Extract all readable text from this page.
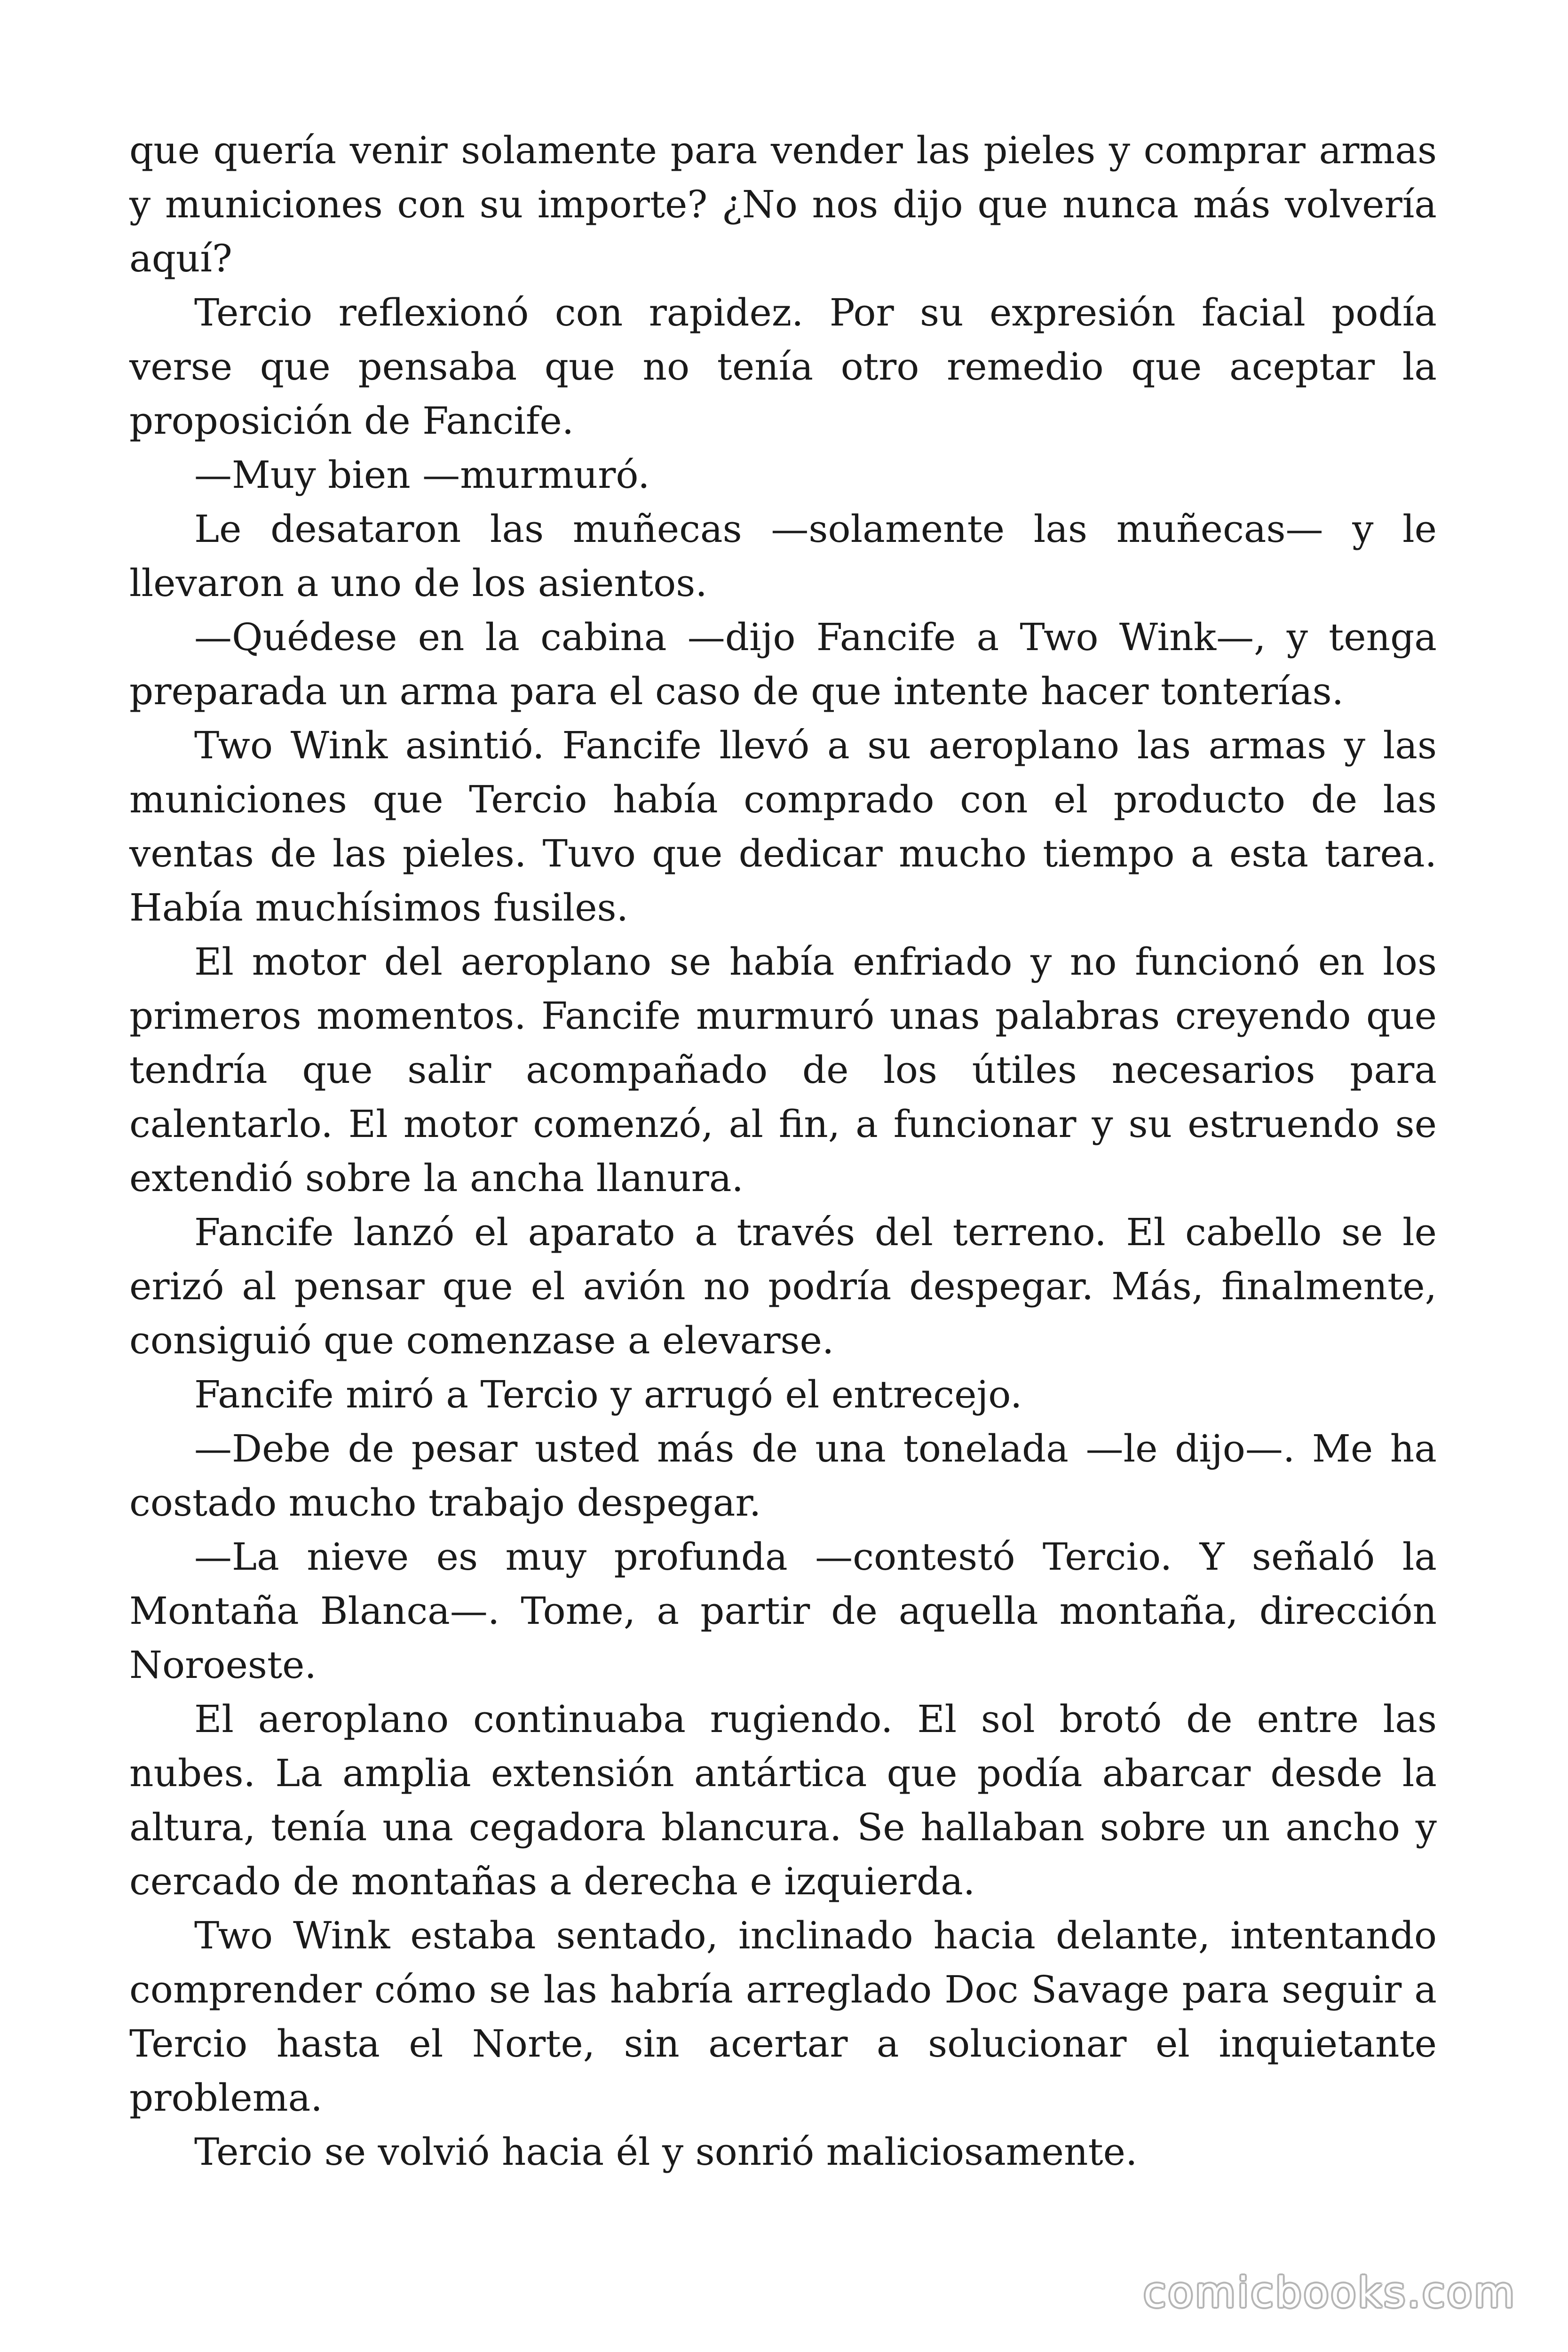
que quería venir solamente para vender las pieles y comprar armas y municiones con su importe? ¿No nos dijo que nunca más volvería aquí?

Tercio reflexionó con rapidez. Por su expresión facial podía verse que pensaba que no tenía otro remedio que aceptar la proposición de Fancife.

—Muy bien —murmuró.

Le desataron las muñecas —solamente las muñecas— y le llevaron a uno de los asientos.

—Quédese en la cabina —dijo Fancife a Two Wink—, y tenga preparada un arma para el caso de que intente hacer tonterías.

Two Wink asintió. Fancife llevó a su aeroplano las armas y las municiones que Tercio había comprado con el producto de las ventas de las pieles. Tuvo que dedicar mucho tiempo a esta tarea. Había muchísimos fusiles.

El motor del aeroplano se había enfriado y no funcionó en los primeros momentos. Fancife murmuró unas palabras creyendo que tendría que salir acompañado de los útiles necesarios para calentarlo. El motor comenzó, al fin, a funcionar y su estruendo se extendió sobre la ancha llanura.

Fancife lanzó el aparato a través del terreno. El cabello se le erizó al pensar que el avión no podría despegar. Más, finalmente, consiguió que comenzase a elevarse.

Fancife miró a Tercio y arrugó el entrecejo.

—Debe de pesar usted más de una tonelada —le dijo—. Me ha costado mucho trabajo despegar.

—La nieve es muy profunda —contestó Tercio. Y señaló la Montaña Blanca—. Tome, a partir de aquella montaña, dirección Noroeste.

El aeroplano continuaba rugiendo. El sol brotó de entre las nubes. La amplia extensión antártica que podía abarcar desde la altura, tenía una cegadora blancura. Se hallaban sobre un ancho y cercado de montañas a derecha e izquierda.

Two Wink estaba sentado, inclinado hacia delante, intentando comprender cómo se las habría arreglado Doc Savage para seguir a Tercio hasta el Norte, sin acertar a solucionar el inquietante problema.

Tercio se volvió hacia él y sonrió maliciosamente.

comicbooks.com
